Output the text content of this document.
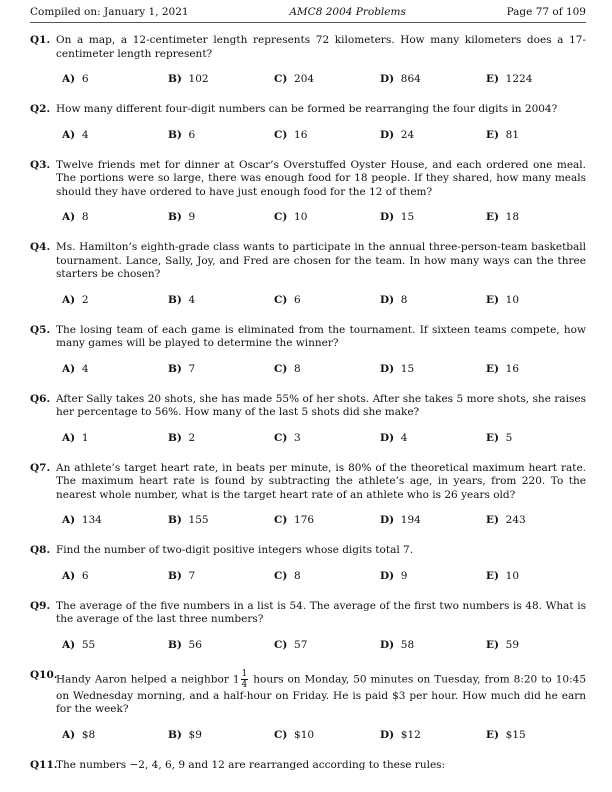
Compiled on: January 1, 2021	AMC8 2004 Problems	Page 77 of 109
Q1. On a map, a 12-centimeter length represents 72 kilometers. How many kilometers does a 17-centimeter length represent?
A) 6	B) 102	C) 204	D) 864	E) 1224
Q2. How many different four-digit numbers can be formed be rearranging the four digits in 2004?
A) 4	B) 6	C) 16	D) 24	E) 81
Q3. Twelve friends met for dinner at Oscar’s Overstuffed Oyster House, and each ordered one meal. The portions were so large, there was enough food for 18 people. If they shared, how many meals should they have ordered to have just enough food for the 12 of them?
A) 8	B) 9	C) 10	D) 15	E) 18
Q4. Ms. Hamilton’s eighth-grade class wants to participate in the annual three-person-team basketball tournament. Lance, Sally, Joy, and Fred are chosen for the team. In how many ways can the three starters be chosen?
A) 2	B) 4	C) 6	D) 8	E) 10
Q5. The losing team of each game is eliminated from the tournament. If sixteen teams compete, how many games will be played to determine the winner?
A) 4	B) 7	C) 8	D) 15	E) 16
Q6. After Sally takes 20 shots, she has made 55% of her shots. After she takes 5 more shots, she raises her percentage to 56%. How many of the last 5 shots did she make?
A) 1	B) 2	C) 3	D) 4	E) 5
Q7. An athlete’s target heart rate, in beats per minute, is 80% of the theoretical maximum heart rate. The maximum heart rate is found by subtracting the athlete’s age, in years, from 220. To the nearest whole number, what is the target heart rate of an athlete who is 26 years old?
A) 134	B) 155	C) 176	D) 194	E) 243
Q8. Find the number of two-digit positive integers whose digits total 7.
A) 6	B) 7	C) 8	D) 9	E) 10
Q9. The average of the five numbers in a list is 54. The average of the first two numbers is 48. What is the average of the last three numbers?
A) 55	B) 56	C) 57	D) 58	E) 59
Q10.
Handy Aaron helped a neighbor $1 \frac{1}{4}$ hours on Monday, 50 minutes on Tuesday, from 8:20 to 10:45 on Wednesday morning, and a half-hour on Friday. He is paid $3 per hour. How much did he earn for the week?
A) $8	B) $9	C) $10	D) $12	E) $15
Q11.
The numbers −2, 4, 6, 9 and 12 are rearranged according to these rules:
